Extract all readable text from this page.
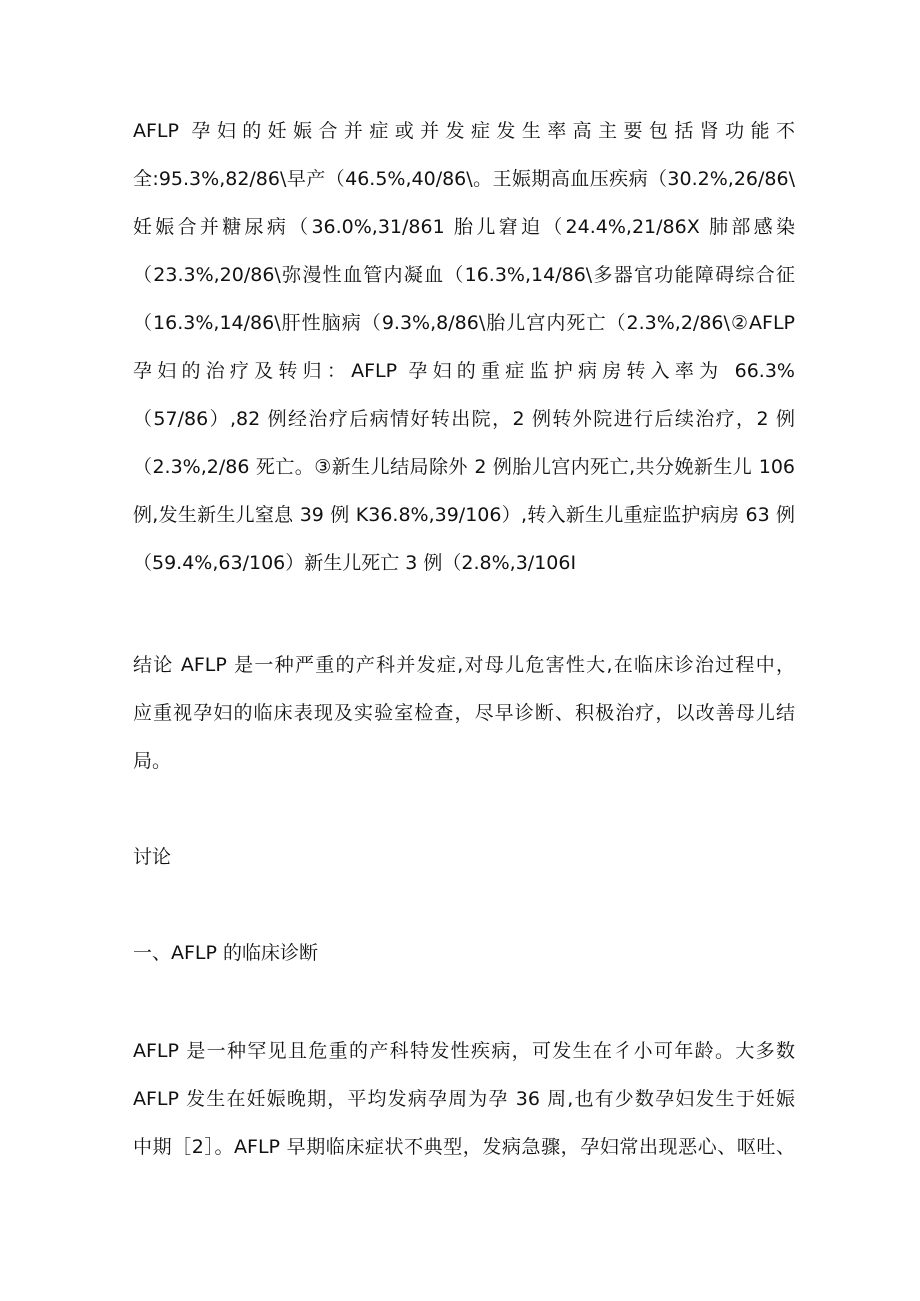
AFLP 孕妇的妊娠合并症或并发症发生率高主要包括肾功能不
全:95.3%,82/86\早产（46.5%,40/86\。王娠期高血压疾病（30.2%,26/86\
妊娠合并糖尿病（36.0%,31/861 胎儿窘迫（24.4%,21/86X 肺部感染
（23.3%,20/86\弥漫性血管内凝血（16.3%,14/86\多器官功能障碍综合征
（16.3%,14/86\肝性脑病（9.3%,8/86\胎儿宫内死亡（2.3%,2/86\②AFLP
孕妇的治疗及转归：AFLP 孕妇的重症监护病房转入率为 66.3%
（57/86）,82 例经治疗后病情好转出院，2 例转外院进行后续治疗，2 例
（2.3%,2/86 死亡。③新生儿结局除外 2 例胎儿宫内死亡,共分娩新生儿 106
例,发生新生儿窒息 39 例 K36.8%,39/106）,转入新生儿重症监护病房 63 例
（59.4%,63/106）新生儿死亡 3 例（2.8%,3/106I
结论 AFLP 是一种严重的产科并发症,对母儿危害性大,在临床诊治过程中，
应重视孕妇的临床表现及实验室检查，尽早诊断、积极治疗，以改善母儿结
局。
讨论
一、AFLP 的临床诊断
AFLP 是一种罕见且危重的产科特发性疾病，可发生在彳小可年龄。大多数
AFLP 发生在妊娠晚期，平均发病孕周为孕 36 周,也有少数孕妇发生于妊娠
中期［2］。AFLP 早期临床症状不典型，发病急骤，孕妇常出现恶心、呕吐、
